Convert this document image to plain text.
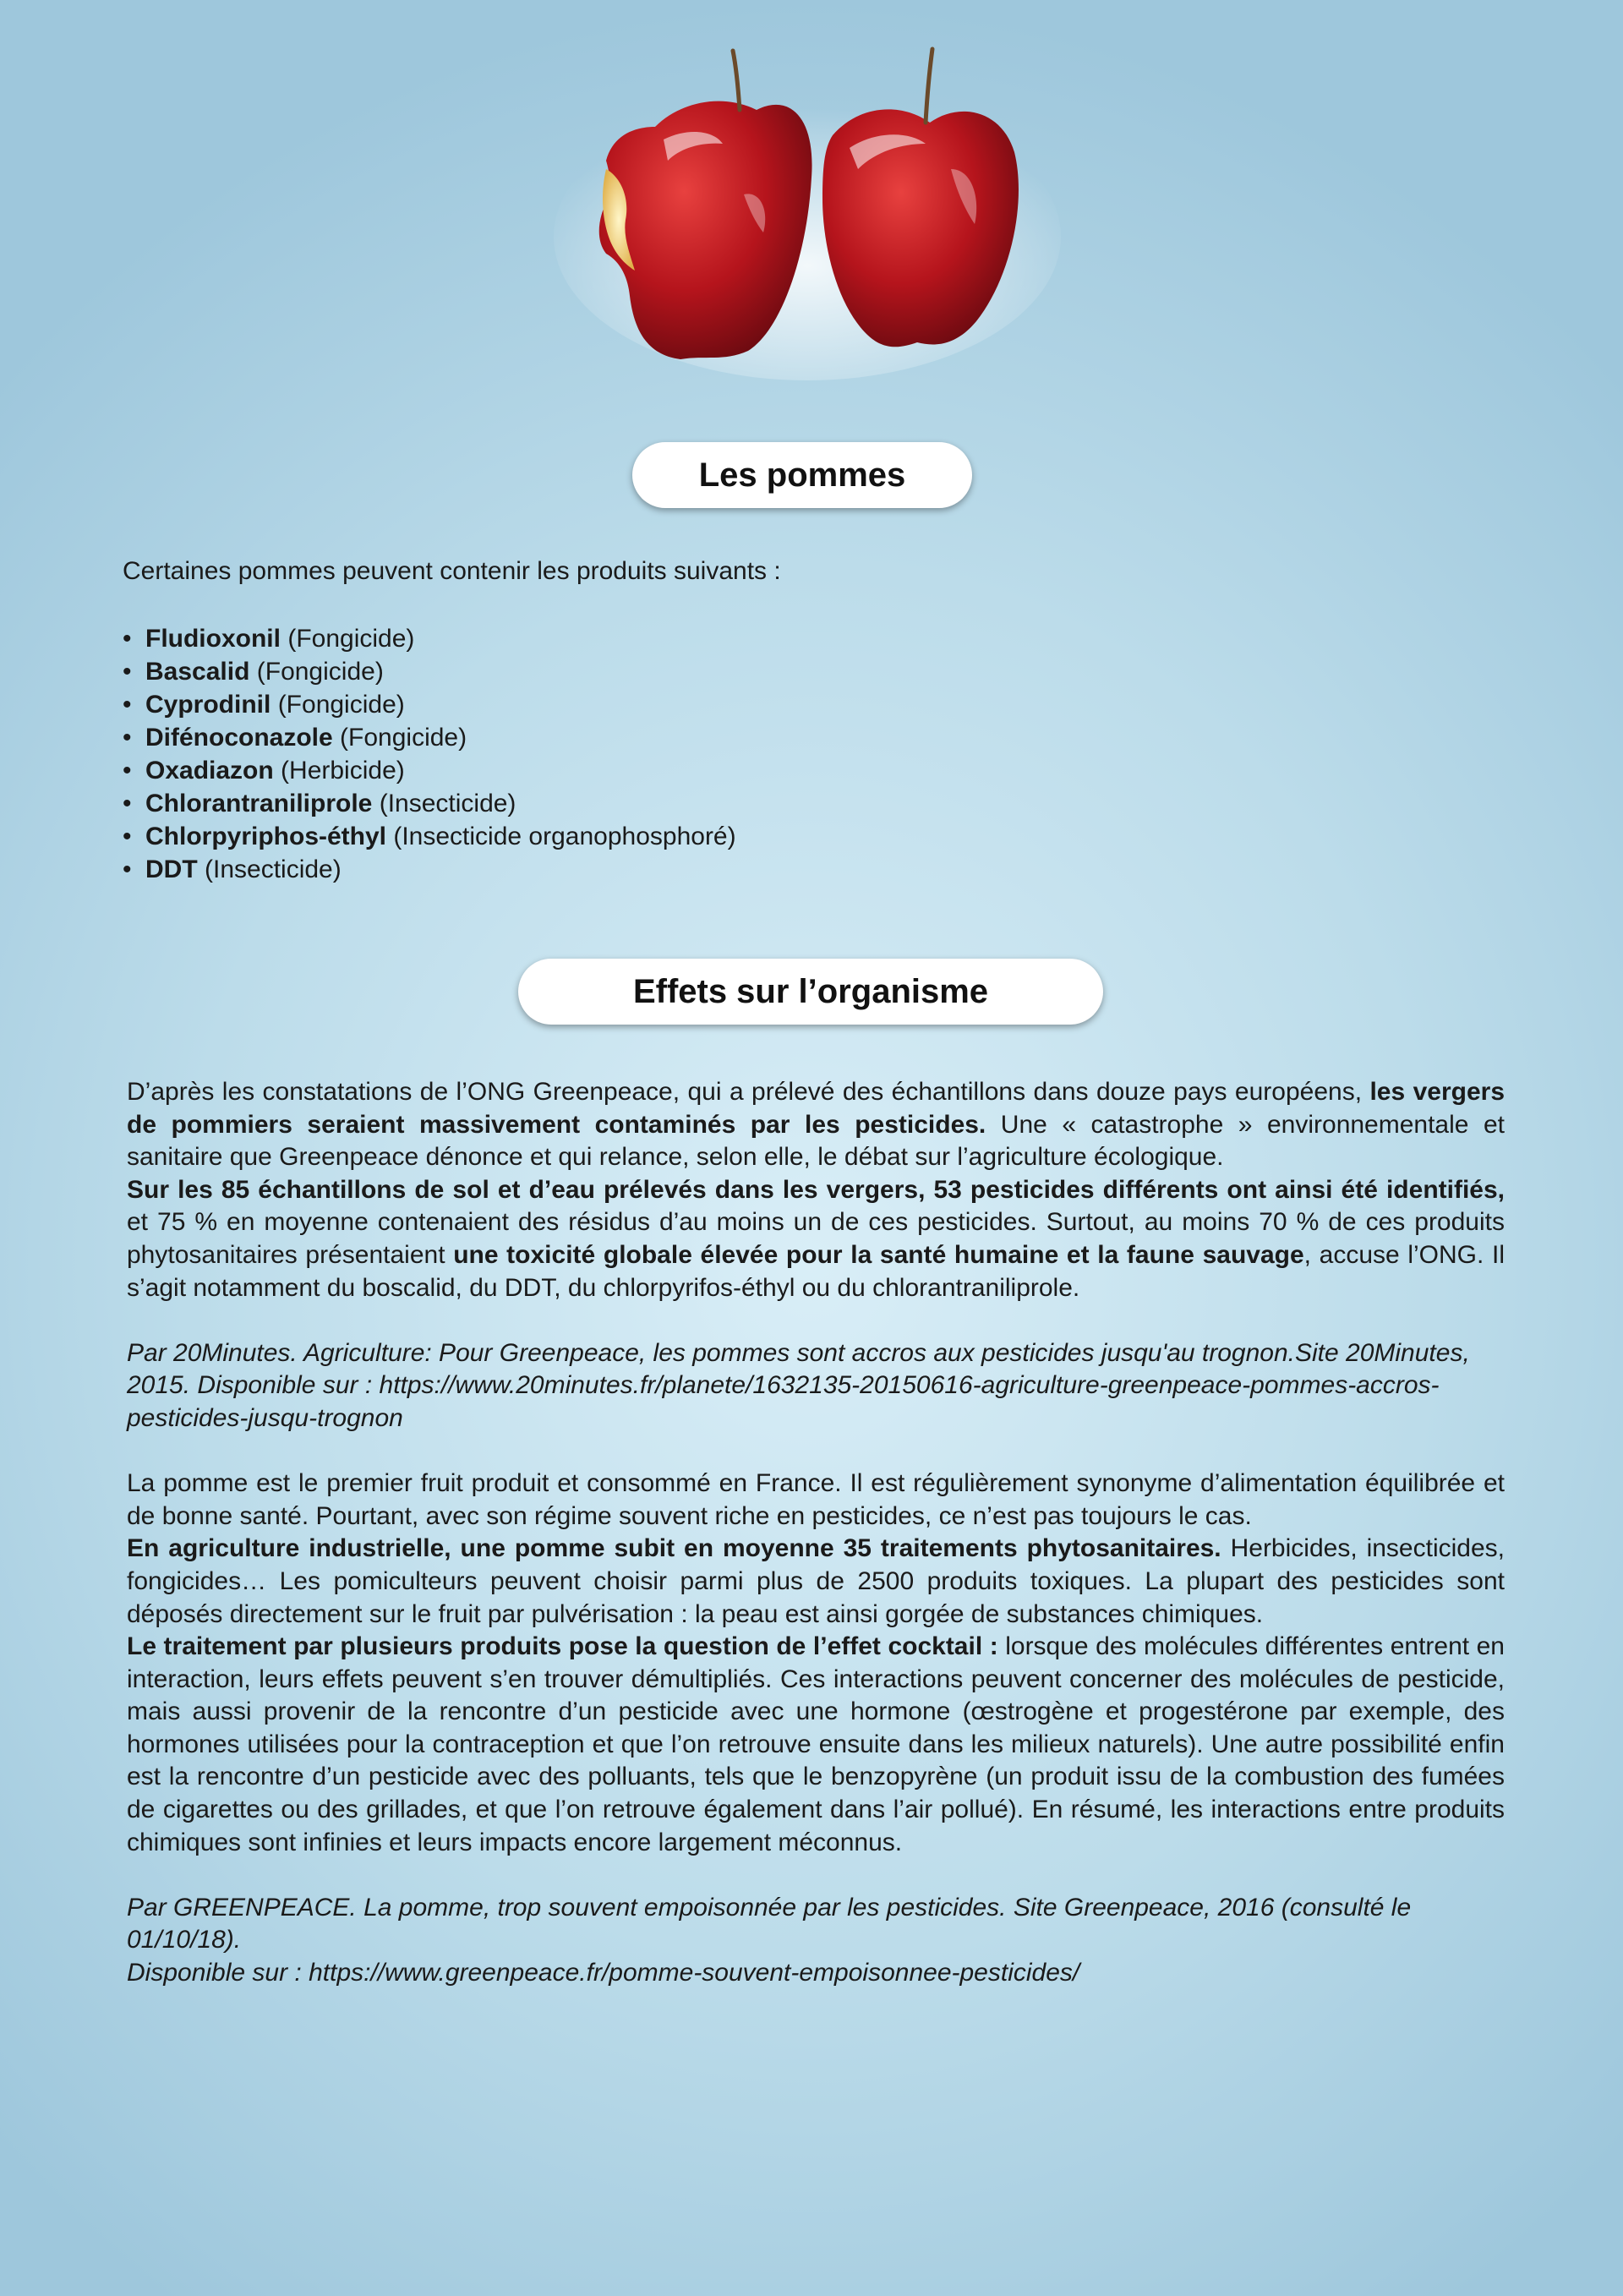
Les pommes

Certaines pommes peuvent contenir les produits suivants :

• Fludioxonil (Fongicide)
• Bascalid (Fongicide)
• Cyprodinil (Fongicide)
• Difénoconazole (Fongicide)
• Oxadiazon (Herbicide)
• Chlorantraniliprole (Insecticide)
• Chlorpyriphos-éthyl (Insecticide organophosphoré)
• DDT (Insecticide)
Effets sur l’organisme

D’après les constatations de l’ONG Greenpeace, qui a prélevé des échantillons dans douze pays européens, les vergers de pommiers seraient massivement contaminés par les pesticides. Une « catastrophe » environnementale et sanitaire que Greenpeace dénonce et qui relance, selon elle, le débat sur l’agriculture écologique.
Sur les 85 échantillons de sol et d’eau prélevés dans les vergers, 53 pesticides différents ont ainsi été identifiés, et 75 % en moyenne contenaient des résidus d’au moins un de ces pesticides. Surtout, au moins 70 % de ces produits phytosanitaires présentaient une toxicité globale élevée pour la santé humaine et la faune sauvage, accuse l’ONG. Il s’agit notamment du boscalid, du DDT, du chlorpyrifos-éthyl ou du chlorantraniliprole.

Par 20Minutes. Agriculture: Pour Greenpeace, les pommes sont accros aux pesticides jusqu'au trognon.Site 20Minutes, 2015. Disponible sur : https://www.20minutes.fr/planete/1632135-20150616-agriculture-greenpeace-pommes-accros-pesticides-jusqu-trognon

La pomme est le premier fruit produit et consommé en France. Il est régulièrement synonyme d’alimentation équilibrée et de bonne santé. Pourtant, avec son régime souvent riche en pesticides, ce n’est pas toujours le cas.
En agriculture industrielle, une pomme subit en moyenne 35 traitements phytosanitaires. Herbicides, insecticides, fongicides… Les pomiculteurs peuvent choisir parmi plus de 2500 produits toxiques. La plupart des pesticides sont déposés directement sur le fruit par pulvérisation : la peau est ainsi gorgée de substances chimiques.
Le traitement par plusieurs produits pose la question de l’effet cocktail : lorsque des molécules différentes entrent en interaction, leurs effets peuvent s’en trouver démultipliés. Ces interactions peuvent concerner des molécules de pesticide, mais aussi provenir de la rencontre d’un pesticide avec une hormone (œstrogène et progestérone par exemple, des hormones utilisées pour la contraception et que l’on retrouve ensuite dans les milieux naturels). Une autre possibilité enfin est la rencontre d’un pesticide avec des polluants, tels que le benzopyrène (un produit issu de la combustion des fumées de cigarettes ou des grillades, et que l’on retrouve également dans l’air pollué). En résumé, les interactions entre produits chimiques sont infinies et leurs impacts encore largement méconnus.

Par GREENPEACE. La pomme, trop souvent empoisonnée par les pesticides. Site Greenpeace, 2016 (consulté le 01/10/18).
Disponible sur : https://www.greenpeace.fr/pomme-souvent-empoisonnee-pesticides/
